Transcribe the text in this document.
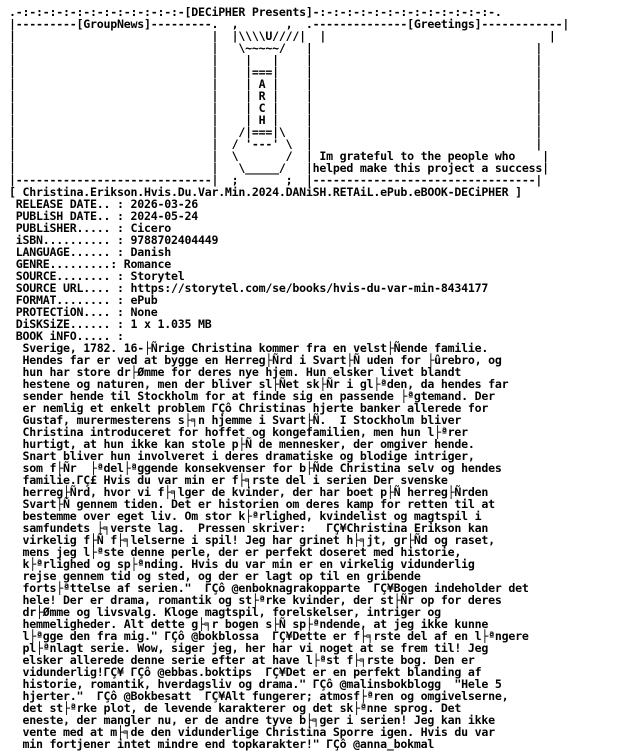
.-:-:-:-:-:-:-:-:-:-:-:-:-[DECiPHER Presents]-:-:-:-:-:-:-:-:-:-:-:-:-:-.
|---------[GroupNews]---------.  ,       ,  .--------------[Greetings]------------|
|                             |  |\\\\U////|  |                                 |
|                             |   \~~~~~/   |                                 |
|                             |    |   |    |                                 |
|                             |    |===|    |                                 |
|                             |    | A |    |                                 |
|                             |    | R |    |                                 |
|                             |    | C |    |                                 |
|                             |    | H |    |                                 |
|                             |   /|===|\   |                                 |
|                             |  / '---' \  |                                 |
|                             |  \       /  | Im grateful to the people who    |
|                             |   \_____/   |helped make this project a success|
|-----------------------------|  ;       ;  |---------------------------------|
[ Christina.Erikson.Hvis.Du.Var.Min.2024.DANiSH.RETAiL.ePub.eBOOK-DECiPHER ]
RELEASE DATE.. : 2026-03-26
PUBLiSH DATE.. : 2024-05-24
PUBLiSHER..... : Cicero
iSBN.......... : 9788702404449
LANGUAGE...... : Danish
GENRE.........: Romance
SOURCE........ : Storytel
SOURCE URL.... : https://storytel.com/se/books/hvis-du-var-min-8434177
FORMAT........ : ePub
PROTECTiON.... : None
DiSKSiZE...... : 1 x 1.035 MB
BOOK iNFO..... :
Sverige, 1782. 16-├Ñrige Christina kommer fra en velst├Ñende familie.
Hendes far er ved at bygge en Herreg├Ñrd i Svart├Ñ uden for ├ûrebro, og
hun har store dr├Ømme for deres nye hjem. Hun elsker livet blandt
hestene og naturen, men der bliver sl├Ñet sk├Ñr i gl├ªden, da hendes far
sender hende til Stockholm for at finde sig en passende ├ªgtemand. Der
er nemlig et enkelt problem ΓÇô Christinas hjerte banker allerede for
Gustaf, murermesterens s├╕n hjemme i Svart├Ñ.  I Stockholm bliver
Christina introduceret for hoffet og kongefamilien, men hun l├ªrer
hurtigt, at hun ikke kan stole p├Ñ de mennesker, der omgiver hende.
Snart bliver hun involveret i deres dramatiske og blodige intriger,
som f├Ñr  ├ªdel├ªggende konsekvenser for b├Ñde Christina selv og hendes
familie.ΓÇ£ Hvis du var min er f├╕rste del i serien Der svenske
herreg├Ñrd, hvor vi f├╕lger de kvinder, der har boet p├Ñ herreg├Ñrden
Svart├Ñ gennem tiden. Det er historien om deres kamp for retten til at
bestemme over eget liv. Om stor k├ªrlighed, kvindelist og magtspil i
samfundets ├╕verste lag.  Pressen skriver:   ΓÇ¥Christina Erikson kan
virkelig f├Ñ f├╕lelserne i spil! Jeg har grinet h├╕jt, gr├Ñd og raset,
mens jeg l├ªste denne perle, der er perfekt doseret med historie,
k├ªrlighed og sp├ªnding. Hvis du var min er en virkelig vidunderlig
rejse gennem tid og sted, og der er lagt op til en gribende
forts├ªttelse af serien."  ΓÇô @enboknagrakopparte  ΓÇ¥Bogen indeholder det
hele! Der er drama, romantik og st├ªrke kvinder, der st├Ñr op for deres
dr├Ømme og livsvalg. Kloge magtspil, forelskelser, intriger og
hemmeligheder. Alt dette g├╕r bogen s├Ñ sp├ªndende, at jeg ikke kunne
l├ªgge den fra mig." ΓÇô @bokblossa  ΓÇ¥Dette er f├╕rste del af en l├ªngere
pl├ªnlagt serie. Wow, siger jeg, her har vi noget at se frem til! Jeg
elsker allerede denne serie efter at have l├ªst f├╕rste bog. Den er
vidunderlig!ΓÇ¥ ΓÇô @ebbas.boktips  ΓÇ¥Det er en perfekt blanding af
historie, romantik, hverdagsliv og drama." ΓÇô @malinsbokblogg  "Hele 5
hjerter."  ΓÇô @Bokbesatt  ΓÇ¥Alt fungerer; atmosf├ªren og omgivelserne,
det st├ªrke plot, de levende karakterer og det sk├ªnne sprog. Det
eneste, der mangler nu, er de andre tyve b├╕ger i serien! Jeg kan ikke
vente med at m├╕de den vidunderlige Christina Sporre igen. Hvis du var
min fortjener intet mindre end topkarakter!" ΓÇô @anna_bokmal
